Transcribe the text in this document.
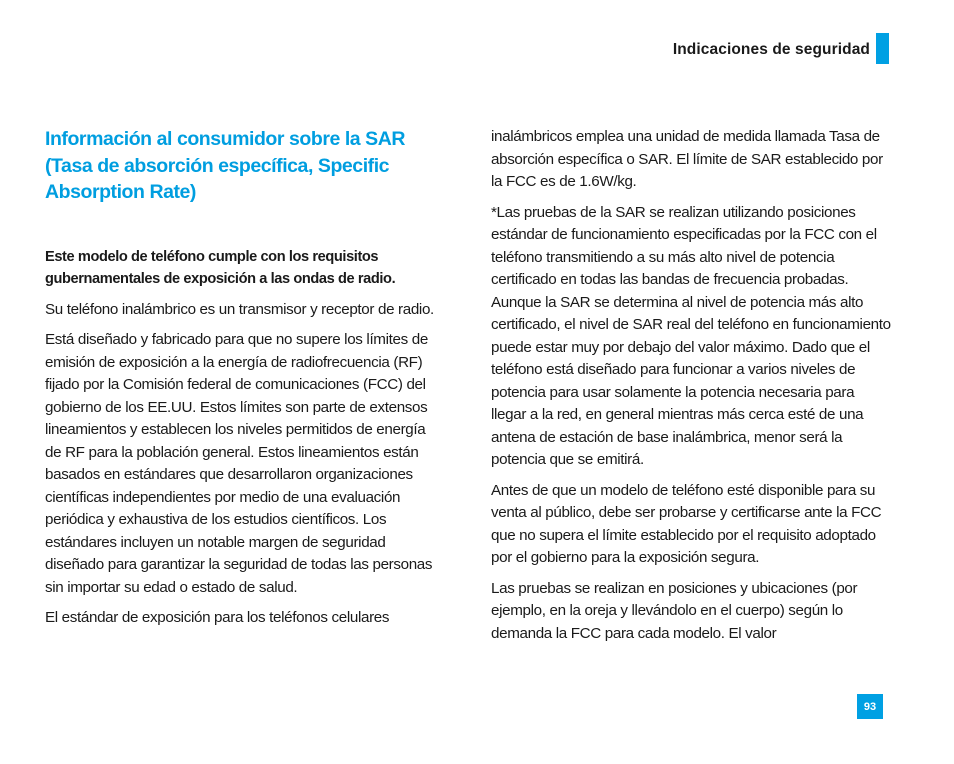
Indicaciones de seguridad
Información al consumidor sobre la SAR (Tasa de absorción específica, Specific Absorption Rate)

Este modelo de teléfono cumple con los requisitos gubernamentales de exposición a las ondas de radio.

Su teléfono inalámbrico es un transmisor y receptor de radio.

Está diseñado y fabricado para que no supere los límites de emisión de exposición a la energía de radiofrecuencia (RF) fijado por la Comisión federal de comunicaciones (FCC) del gobierno de los EE.UU. Estos límites son parte de extensos lineamientos y establecen los niveles permitidos de energía de RF para la población general. Estos lineamientos están basados en estándares que desarrollaron organizaciones científicas independientes por medio de una evaluación periódica y exhaustiva de los estudios científicos. Los estándares incluyen un notable margen de seguridad diseñado para garantizar la seguridad de todas las personas sin importar su edad o estado de salud.

El estándar de exposición para los teléfonos celulares

inalámbricos emplea una unidad de medida llamada Tasa de absorción específica o SAR. El límite de SAR establecido por la FCC es de 1.6W/kg.

*Las pruebas de la SAR se realizan utilizando posiciones estándar de funcionamiento especificadas por la FCC con el teléfono transmitiendo a su más alto nivel de potencia certificado en todas las bandas de frecuencia probadas. Aunque la SAR se determina al nivel de potencia más alto certificado, el nivel de SAR real del teléfono en funcionamiento puede estar muy por debajo del valor máximo. Dado que el teléfono está diseñado para funcionar a varios niveles de potencia para usar solamente la potencia necesaria para llegar a la red, en general mientras más cerca esté de una antena de estación de base inalámbrica, menor será la potencia que se emitirá.

Antes de que un modelo de teléfono esté disponible para su venta al público, debe ser probarse y certificarse ante la FCC que no supera el límite establecido por el requisito adoptado por el gobierno para la exposición segura.

Las pruebas se realizan en posiciones y ubicaciones (por ejemplo, en la oreja y llevándolo en el cuerpo) según lo demanda la FCC para cada modelo. El valor

93
